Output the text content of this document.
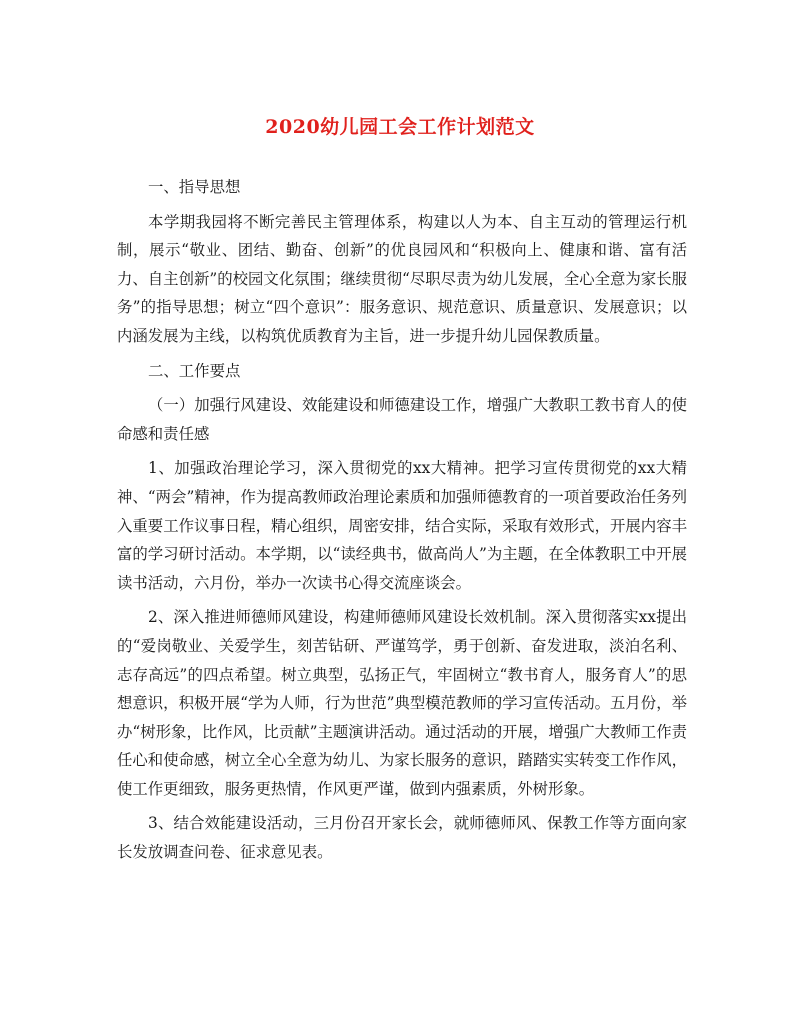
2020幼儿园工会工作计划范文

一、指导思想

本学期我园将不断完善民主管理体系，构建以人为本、自主互动的管理运行机制，展示“敬业、团结、勤奋、创新”的优良园风和“积极向上、健康和谐、富有活力、自主创新”的校园文化氛围；继续贯彻“尽职尽责为幼儿发展，全心全意为家长服务”的指导思想；树立“四个意识”：服务意识、规范意识、质量意识、发展意识；以内涵发展为主线，以构筑优质教育为主旨，进一步提升幼儿园保教质量。

二、工作要点

（一）加强行风建设、效能建设和师德建设工作，增强广大教职工教书育人的使命感和责任感

1、加强政治理论学习，深入贯彻党的xx大精神。把学习宣传贯彻党的xx大精神、“两会”精神，作为提高教师政治理论素质和加强师德教育的一项首要政治任务列入重要工作议事日程，精心组织，周密安排，结合实际，采取有效形式，开展内容丰富的学习研讨活动。本学期，以“读经典书，做高尚人”为主题，在全体教职工中开展读书活动，六月份，举办一次读书心得交流座谈会。

2、深入推进师德师风建设，构建师德师风建设长效机制。深入贯彻落实xx提出的“爱岗敬业、关爱学生，刻苦钻研、严谨笃学，勇于创新、奋发进取，淡泊名利、志存高远”的四点希望。树立典型，弘扬正气，牢固树立“教书育人，服务育人”的思想意识，积极开展“学为人师，行为世范”典型模范教师的学习宣传活动。五月份，举办“树形象，比作风，比贡献”主题演讲活动。通过活动的开展，增强广大教师工作责任心和使命感，树立全心全意为幼儿、为家长服务的意识，踏踏实实转变工作作风，使工作更细致，服务更热情，作风更严谨，做到内强素质，外树形象。

3、结合效能建设活动，三月份召开家长会，就师德师风、保教工作等方面向家长发放调查问卷、征求意见表。
